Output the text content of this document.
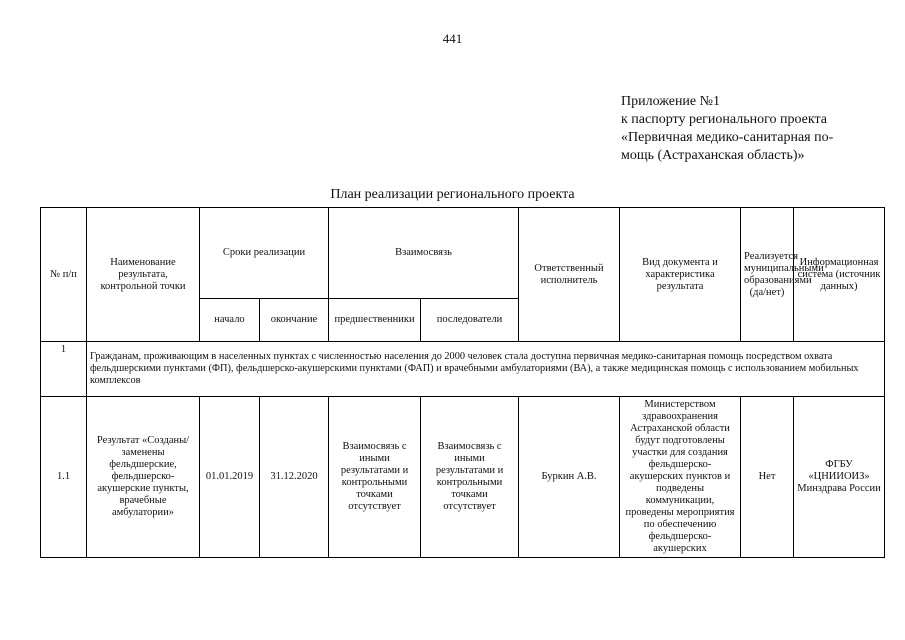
441
Приложение №1
к паспорту регионального проекта
«Первичная медико-санитарная по-
мощь (Астраханская область)»
План реализации регионального проекта
№ п/п	Наименование результата, контрольной точки	Сроки реализации		Взаимосвязь		Ответственный исполнитель	Вид документа и характеристика результата	Реализуется муниципальными образованиями (да/нет)	Информационная система (источник данных)
		начало	окончание	предшественники	последователи				
1	Гражданам, проживающим в населенных пунктах с численностью населения до 2000 человек стала доступна первичная медико-санитарная помощь посредством охвата фельдшерскими пунктами (ФП), фельдшерско-акушерскими пунктами (ФАП) и врачебными амбулаториями (ВА), а также медицинская помощь с использованием мобильных комплексов								
1.1	Результат «Созданы/заменены фельдшерские, фельдшерско-акушерские пункты, врачебные амбулатории»	01.01.2019	31.12.2020	Взаимосвязь с иными результатами и контрольными точками отсутствует	Взаимосвязь с иными результатами и контрольными точками отсутствует	Буркин А.В.	Министерством здравоохранения Астраханской области будут подготовлены участки для создания фельдшерско-акушерских пунктов и подведены коммуникации, проведены мероприятия по обеспечению фельдшерско-акушерских	Нет	ФГБУ «ЦНИИОИЗ» Минздрава России
